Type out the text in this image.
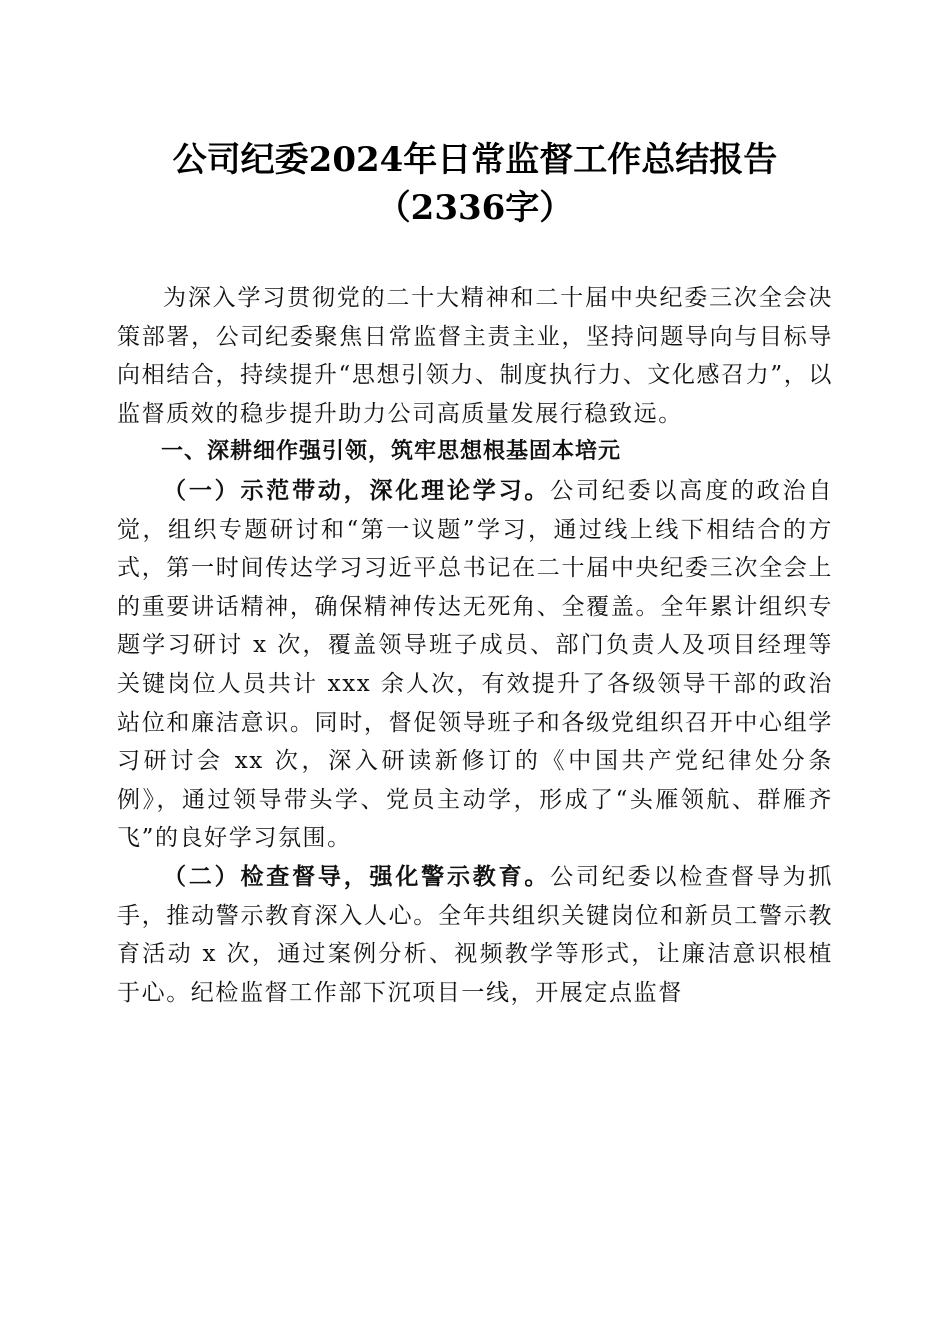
公司纪委2024年日常监督工作总结报告
（2336字）

为深入学习贯彻党的二十大精神和二十届中央纪委三次全会决策部署，公司纪委聚焦日常监督主责主业，坚持问题导向与目标导向相结合，持续提升“思想引领力、制度执行力、文化感召力”，以监督质效的稳步提升助力公司高质量发展行稳致远。

一、深耕细作强引领，筑牢思想根基固本培元

（一）示范带动，深化理论学习。公司纪委以高度的政治自觉，组织专题研讨和“第一议题”学习，通过线上线下相结合的方式，第一时间传达学习习近平总书记在二十届中央纪委三次全会上的重要讲话精神，确保精神传达无死角、全覆盖。全年累计组织专题学习研讨 x 次，覆盖领导班子成员、部门负责人及项目经理等关键岗位人员共计 xxx 余人次，有效提升了各级领导干部的政治站位和廉洁意识。同时，督促领导班子和各级党组织召开中心组学习研讨会 xx 次，深入研读新修订的《中国共产党纪律处分条例》，通过领导带头学、党员主动学，形成了“头雁领航、群雁齐飞”的良好学习氛围。

（二）检查督导，强化警示教育。公司纪委以检查督导为抓手，推动警示教育深入人心。全年共组织关键岗位和新员工警示教育活动 x 次，通过案例分析、视频教学等形式，让廉洁意识根植于心。纪检监督工作部下沉项目一线，开展定点监督
